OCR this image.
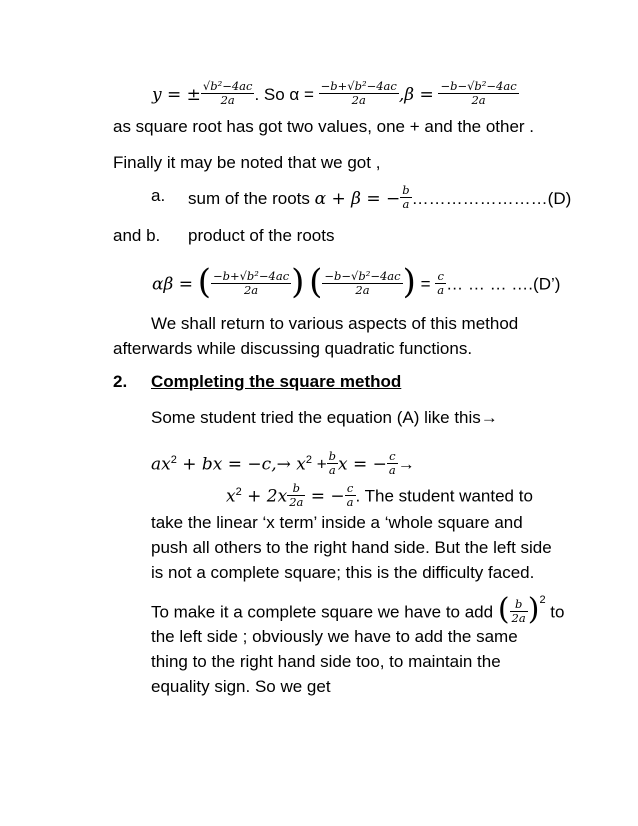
y = ± $\frac{\text{√b²−4ac}}{2a}$ . So $\alpha = \frac{\text{−b+√b²−4ac}}{2a} ,\beta = \frac{\text{−b−√b²−4ac}}{2a}$
as square root has got two values, one + and the other .
Finally it may be noted that we got ,
a. sum of the roots α + β = − $\frac{b}{a}$ ……………………(D)
and b. product of the roots
αβ = ( $\frac{\text{−b+√b²−4ac}}{2a}$ ) ( $\frac{\text{−b−√b²−4ac}}{2a}$ ) = $\frac{c}{a}$ … … … ….(D’)
We shall return to various aspects of this method
afterwards while discussing quadratic functions.
2. Completing the square method
Some student tried the equation (A) like this→
$ax^2$ + bx = $-c,\to x^2 + \frac{b}{a}$ x = − $\frac{c}{a}$ →
$x^2 + 2x \frac{b}{2a}$ = − $\frac{c}{a}$ . The student wanted to
take the linear ‘x term’ inside a ‘whole square and
push all others to the right hand side. But the left side
is not a complete square; this is the difficulty faced.
To make it a complete square we have to add ( $\frac{b}{2a} )^2$ to
the left side ; obviously we have to add the same
thing to the right hand side too, to maintain the
equality sign. So we get
